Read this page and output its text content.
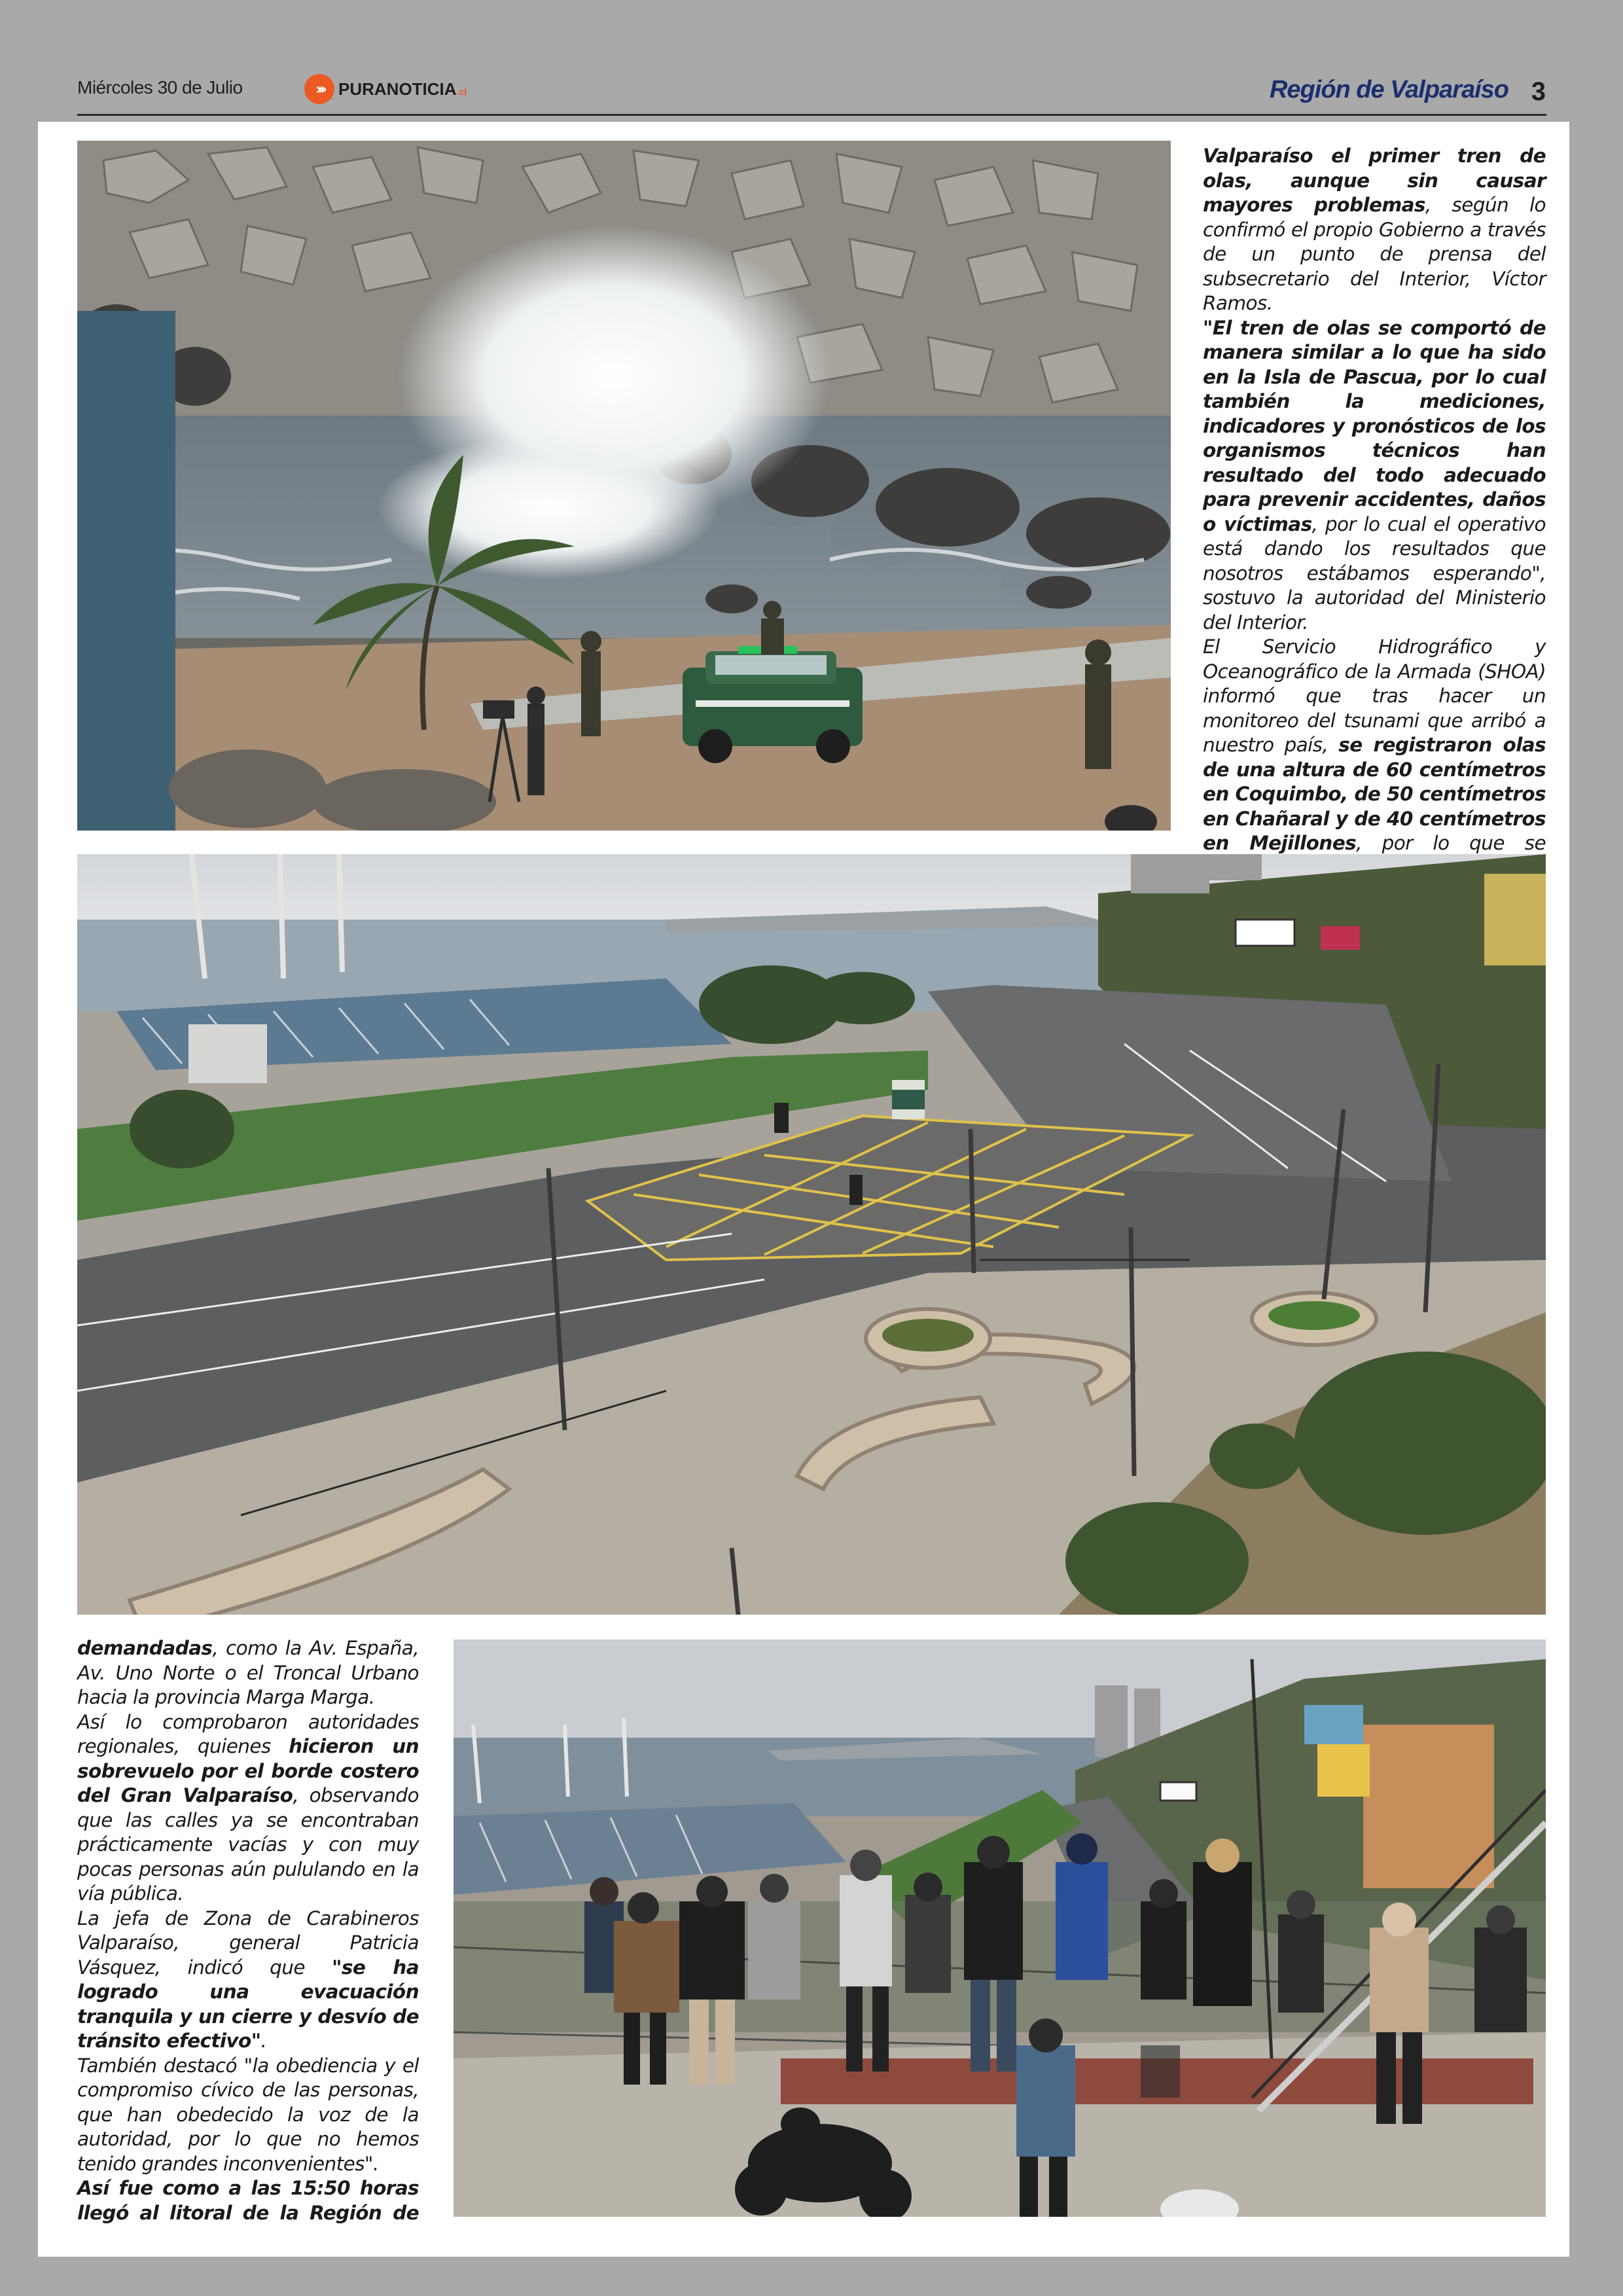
Miércoles 30 de Julio	››› PURANOTICIA.cl	Región de Valparaíso 3

Valparaíso el primer tren de olas, aunque sin causar mayores problemas, según lo confirmó el propio Gobierno a través de un punto de prensa del subsecretario del Interior, Víctor Ramos.

"El tren de olas se comportó de manera similar a lo que ha sido en la Isla de Pascua, por lo cual también la mediciones, indicadores y pronósticos de los organismos técnicos han resultado del todo adecuado para prevenir accidentes, daños o víctimas, por lo cual el operativo está dando los resultados que nosotros estábamos esperando", sostuvo la autoridad del Ministerio del Interior.

El Servicio Hidrográfico y Oceanográfico de la Armada (SHOA) informó que tras hacer un monitoreo del tsunami que arribó a nuestro país, se registraron olas de una altura de 60 centímetros en Coquimbo, de 50 centímetros en Chañaral y de 40 centímetros en Mejillones, por lo que se

demandadas, como la Av. España, Av. Uno Norte o el Troncal Urbano hacia la provincia Marga Marga.

Así lo comprobaron autoridades regionales, quienes hicieron un sobrevuelo por el borde costero del Gran Valparaíso, observando que las calles ya se encontraban prácticamente vacías y con muy pocas personas aún pululando en la vía pública.

La jefa de Zona de Carabineros Valparaíso, general Patricia Vásquez, indicó que "se ha logrado una evacuación tranquila y un cierre y desvío de tránsito efectivo".

También destacó "la obediencia y el compromiso cívico de las personas, que han obedecido la voz de la autoridad, por lo que no hemos tenido grandes inconvenientes".

Así fue como a las 15:50 horas llegó al litoral de la Región de
